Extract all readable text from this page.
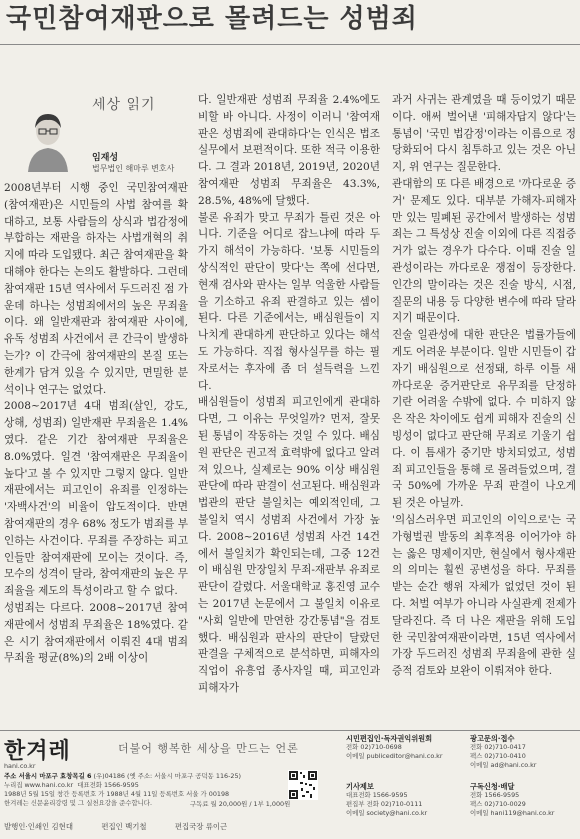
국민참여재판으로 몰려드는 성범죄
세상 읽기
임재성
법무법인 해마루 변호사

2008년부터 시행 중인 국민참여재판(참여재판)은 시민들의 사법 참여를 확대하고, 보통 사람들의 상식과 법감정에 부합하는 재판을 하자는 사법개혁의 취지에 따라 도입됐다. 최근 참여재판을 확대해야 한다는 논의도 활발하다. 그런데 참여재판 15년 역사에서 두드러진 점 가운데 하나는 성범죄에서의 높은 무죄율이다. 왜 일반재판과 참여재판 사이에, 유독 성범죄 사건에서 큰 간극이 발생하는가? 이 간극에 참여재판의 본질 또는 한계가 담겨 있을 수 있지만, 면밀한 분석이나 연구는 없었다.

2008~2017년 4대 범죄(살인, 강도, 상해, 성범죄) 일반재판 무죄율은 1.4%였다. 같은 기간 참여재판 무죄율은 8.0%였다. 일견 '참여재판은 무죄율이 높다'고 볼 수 있지만 그렇지 않다. 일반재판에서는 피고인이 유죄를 인정하는 '자백사건'의 비율이 압도적이다. 반면 참여재판의 경우 68% 정도가 범죄를 부인하는 사건이다. 무죄를 주장하는 피고인들만 참여재판에 모이는 것이다. 즉, 모수의 성격이 달라, 참여재판의 높은 무죄율을 제도의 특성이라고 할 수 없다.

성범죄는 다르다. 2008~2017년 참여재판에서 성범죄 무죄율은 18%였다. 같은 시기 참여재판에서 이뤄진 4대 범죄 무죄율 평균(8%)의 2배 이상이

다. 일반재판 성범죄 무죄율 2.4%에도 비할 바 아니다. 사정이 이러니 '참여재판은 성범죄에 관대하다'는 인식은 법조 실무에서 보편적이다. 또한 적극 이용한다. 그 결과 2018년, 2019년, 2020년 참여재판 성범죄 무죄율은 43.3%, 28.5%, 48%에 달했다.

불론 유죄가 맞고 무죄가 틀린 것은 아니다. 기준을 어디로 잡느냐에 따라 두가지 해석이 가능하다. '보통 시민들의 상식적인 판단이 맞다'는 쪽에 선다면, 현재 검사와 판사는 일부 억울한 사람들을 기소하고 유죄 판결하고 있는 셈이 된다. 다른 기준에서는, 배심원들이 지나치게 관대하게 판단하고 있다는 해석도 가능하다. 직접 형사실무를 하는 필자로서는 후자에 좀 더 설득력을 느낀다.

배심원들이 성범죄 피고인에게 관대하다면, 그 이유는 무엇일까? 먼저, 잘못된 통념이 작동하는 것일 수 있다. 배심원 판단은 권고적 효력밖에 없다고 알려져 있으나, 실제로는 90% 이상 배심원 판단에 따라 판결이 선고된다. 배심원과 법관의 판단 불일치는 예외적인데, 그 불일치 역시 성범죄 사건에서 가장 높다. 2008~2016년 성범죄 사건 14건에서 불일치가 확인되는데, 그중 12건이 배심원 만장일치 무죄-재판부 유죄로 판단이 갈렸다. 서울대학교 홍진영 교수는 2017년 논문에서 그 불일치 이유로 "사회 일반에 만연한 강간통념"을 검토했다. 배심원과 판사의 판단이 달랐던 판결을 구체적으로 분석하면, 피해자의 직업이 유흥업 종사자일 때, 피고인과 피해자가

과거 사귀는 관계였을 때 등이었기 때문이다. 애써 벌어낸 '피해자답지 않다'는 통념이 '국민 법감정'이라는 이름으로 정당화되어 다시 침투하고 있는 것은 아닌지, 위 연구는 질문한다.

관대함의 또 다른 배경으로 '까다로운 증거' 문제도 있다. 대부분 가해자-피해자만 있는 밀폐된 공간에서 발생하는 성범죄는 그 특성상 진술 이외에 다른 직접증거가 없는 경우가 다수다. 이때 진술 일관성이라는 까다로운 쟁점이 등장한다. 인간의 말이라는 것은 진술 방식, 시점, 질문의 내용 등 다양한 변수에 따라 달라지기 때문이다.

진술 일관성에 대한 판단은 법률가들에게도 어려운 부분이다. 일반 시민들이 갑자기 배심원으로 선정돼, 하루 이틀 새 까다로운 증거판단로 유무죄를 단정하기란 어려울 수밖에 없다. 수 미하지 않은 작은 차이에도 쉽게 피해자 진술의 신빙성이 없다고 판단해 무죄로 기울기 쉽다. 이 틈새가 중기만 방치되었고, 성범죄 피고인들을 통해 로 몰려들었으며, 결국 50%에 가까운 무죄 판결이 나오게 된 것은 아닐까.

'의심스러우면 피고인의 이익으로'는 국가형벌권 발동의 최후적용 이어가야 하는 옳은 명제이지만, 현실에서 형사재판의 의미는 훨씬 공변성을 하다. 무죄를 받는 순간 행위 자체가 없었던 것이 된다. 처벌 여부가 아니라 사실관계 전제가 달라진다. 즉 더 나은 재판을 위해 도입한 국민참여재판이라면, 15년 역사에서 가장 두드러진 성범죄 무죄율에 관한 실증적 검토와 보완이 이뤄져야 한다.

한겨레
hani.co.kr
더불어 행복한 세상을 만드는 언론
주소 서울시 마포구 효창목길 6 (우)04186 (옛 주소: 서울시 마포구 공덕동 116-25)
누리집 www.hani.co.kr 대표전화 1566-9595
1988년 5월 15일 창간 등록번호 가 1988년 4월 11일 등록번호 서울 가 00198
한겨레는 신문윤리강령 및 그 실천요강을 준수합니다.	구독료 월 20,000원 / 1부 1,000원
발행인·인쇄인 김현대	편집인 백기철	편집국장 류이근
시민편집인·독자권익위원회
전화 02)710-0698
이메일 publiceditor@hani.co.kr
광고문의·접수
전화 02)710-0417
팩스 02)710-0410
이메일 ad@hani.co.kr
기사제보
대표전화 1566-9595
편집부 전화 02)710-0111
이메일 society@hani.co.kr
구독신청·배달
전화 1566-9595
팩스 02)710-0029
이메일 hani119@hani.co.kr
